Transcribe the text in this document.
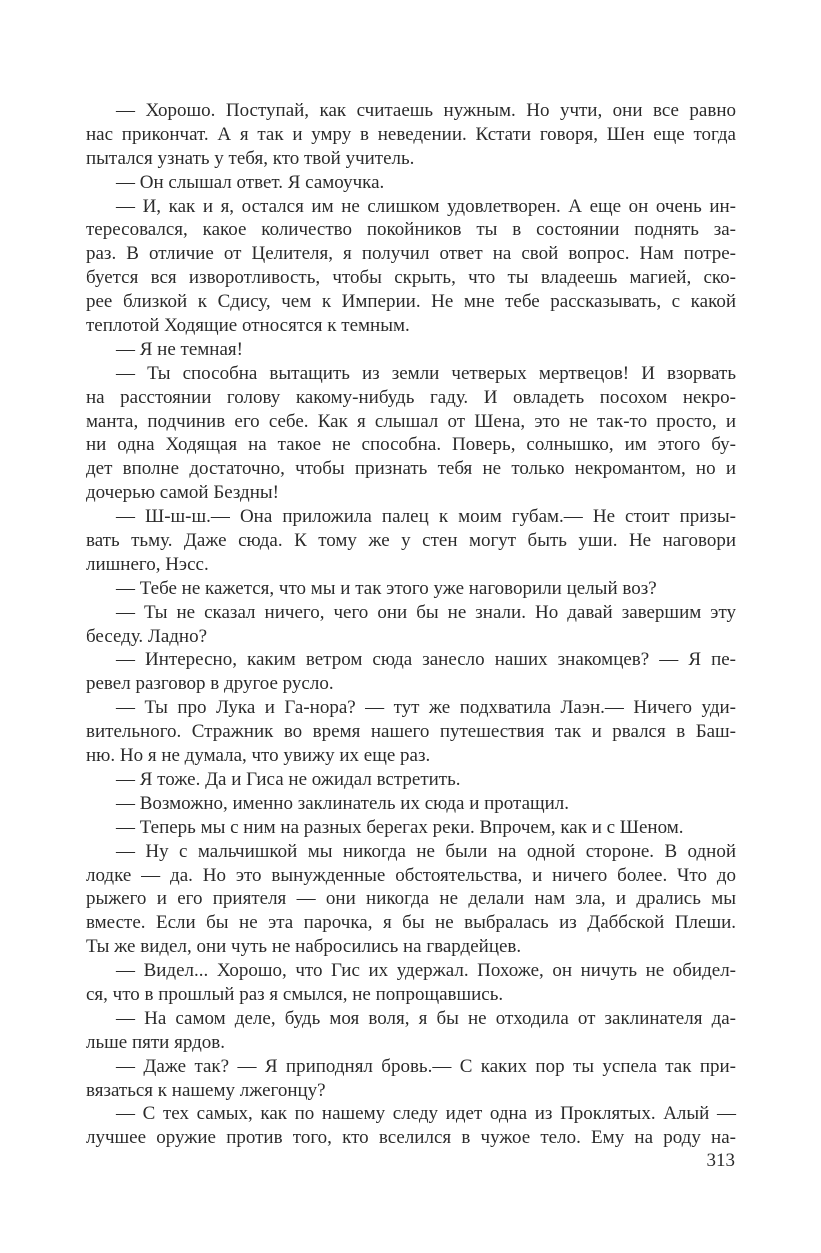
— Хорошо. Поступай, как считаешь нужным. Но учти, они все равно
нас прикончат. А я так и умру в неведении. Кстати говоря, Шен еще тогда
пытался узнать у тебя, кто твой учитель.
— Он слышал ответ. Я самоучка.
— И, как и я, остался им не слишком удовлетворен. А еще он очень ин-
тересовался, какое количество покойников ты в состоянии поднять за-
раз. В отличие от Целителя, я получил ответ на свой вопрос. Нам потре-
буется вся изворотливость, чтобы скрыть, что ты владеешь магией, ско-
рее близкой к Сдису, чем к Империи. Не мне тебе рассказывать, с какой
теплотой Ходящие относятся к темным.
— Я не темная!
— Ты способна вытащить из земли четверых мертвецов! И взорвать
на расстоянии голову какому-нибудь гаду. И овладеть посохом некро-
манта, подчинив его себе. Как я слышал от Шена, это не так-то просто, и
ни одна Ходящая на такое не способна. Поверь, солнышко, им этого бу-
дет вполне достаточно, чтобы признать тебя не только некромантом, но и
дочерью самой Бездны!
— Ш-ш-ш.— Она приложила палец к моим губам.— Не стоит призы-
вать тьму. Даже сюда. К тому же у стен могут быть уши. Не наговори
лишнего, Нэсс.
— Тебе не кажется, что мы и так этого уже наговорили целый воз?
— Ты не сказал ничего, чего они бы не знали. Но давай завершим эту
беседу. Ладно?
— Интересно, каким ветром сюда занесло наших знакомцев? — Я пе-
ревел разговор в другое русло.
— Ты про Лука и Га-нора? — тут же подхватила Лаэн.— Ничего уди-
вительного. Стражник во время нашего путешествия так и рвался в Баш-
ню. Но я не думала, что увижу их еще раз.
— Я тоже. Да и Гиса не ожидал встретить.
— Возможно, именно заклинатель их сюда и протащил.
— Теперь мы с ним на разных берегах реки. Впрочем, как и с Шеном.
— Ну с мальчишкой мы никогда не были на одной стороне. В одной
лодке — да. Но это вынужденные обстоятельства, и ничего более. Что до
рыжего и его приятеля — они никогда не делали нам зла, и дрались мы
вместе. Если бы не эта парочка, я бы не выбралась из Даббской Плеши.
Ты же видел, они чуть не набросились на гвардейцев.
— Видел... Хорошо, что Гис их удержал. Похоже, он ничуть не обидел-
ся, что в прошлый раз я смылся, не попрощавшись.
— На самом деле, будь моя воля, я бы не отходила от заклинателя да-
льше пяти ярдов.
— Даже так? — Я приподнял бровь.— С каких пор ты успела так при-
вязаться к нашему лжегонцу?
— С тех самых, как по нашему следу идет одна из Проклятых. Алый —
лучшее оружие против того, кто вселился в чужое тело. Ему на роду на-
313
